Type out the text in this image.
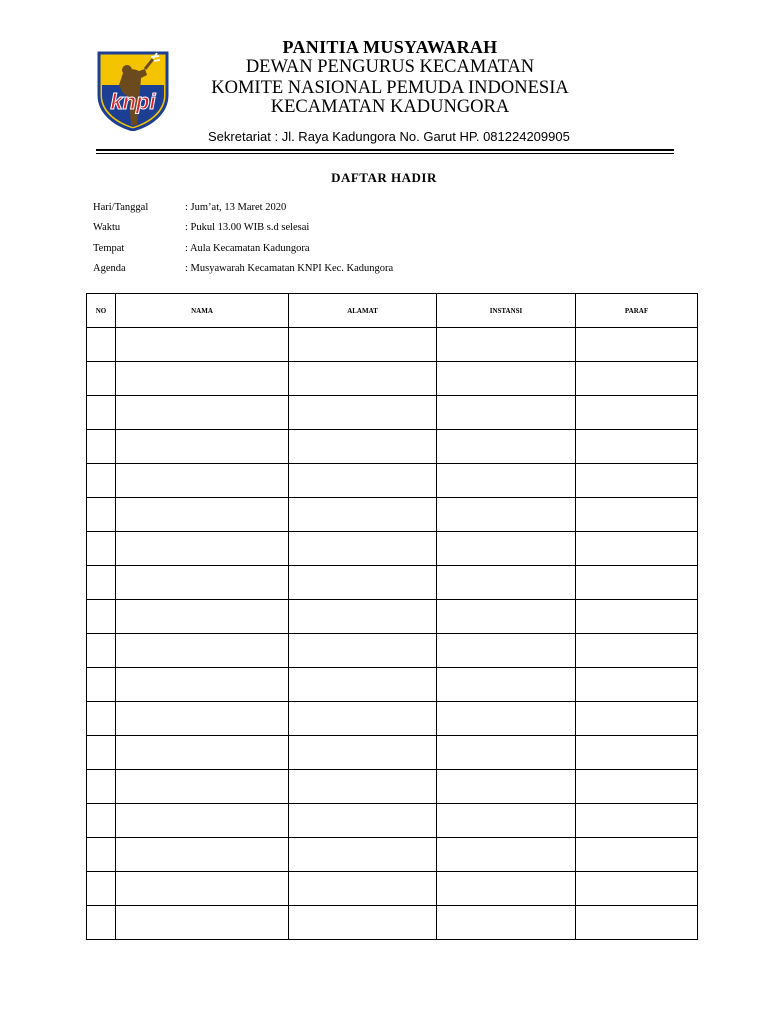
knpi
PANITIA MUSYAWARAH
DEWAN PENGURUS KECAMATAN
KOMITE NASIONAL PEMUDA INDONESIA
KECAMATAN KADUNGORA
Sekretariat : Jl. Raya Kadungora No. Garut HP. 081224209905
DAFTAR HADIR
Hari/Tanggal	: Jum’at, 13 Maret 2020
Waktu	: Pukul 13.00 WIB s.d selesai
Tempat	: Aula Kecamatan Kadungora
Agenda	: Musyawarah Kecamatan KNPI Kec. Kadungora
NO	NAMA	ALAMAT	INSTANSI	PARAF
